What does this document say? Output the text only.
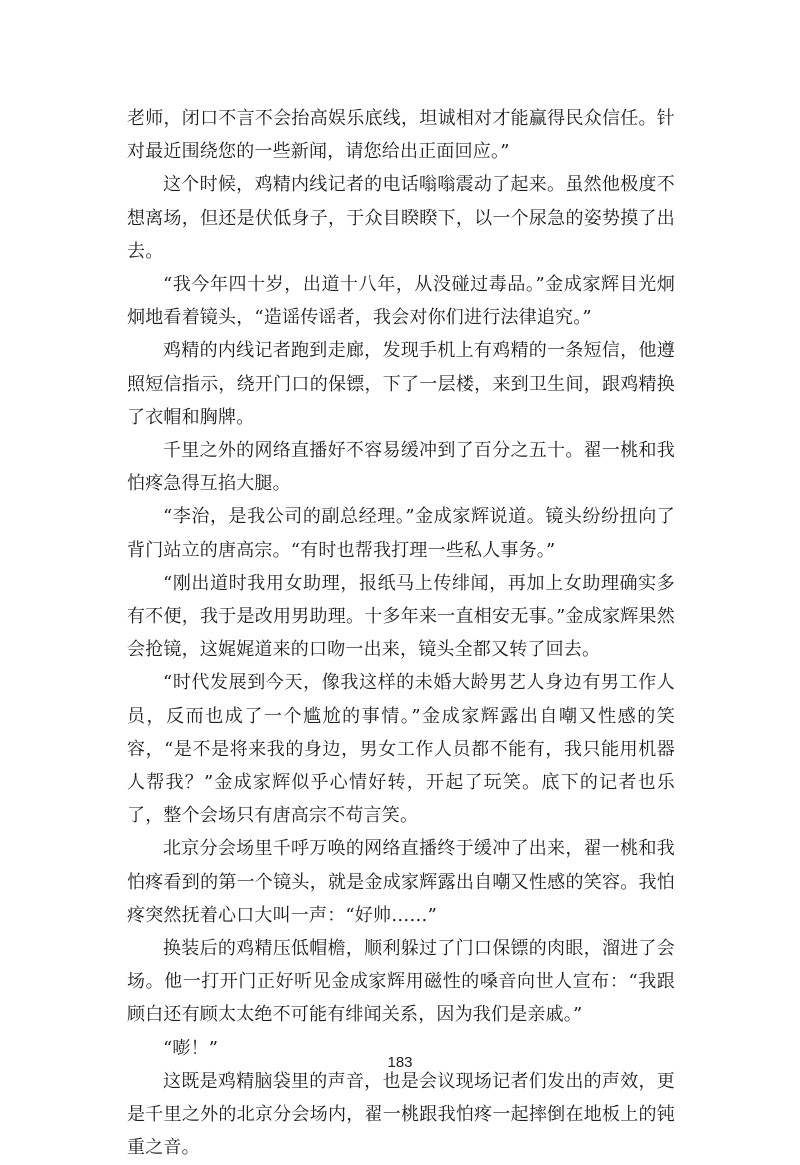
老师，闭口不言不会抬高娱乐底线，坦诚相对才能赢得民众信任。针对最近围绕您的一些新闻，请您给出正面回应。”

这个时候，鸡精内线记者的电话嗡嗡震动了起来。虽然他极度不想离场，但还是伏低身子，于众目睽睽下，以一个尿急的姿势摸了出去。

“我今年四十岁，出道十八年，从没碰过毒品。”金成家辉目光炯炯地看着镜头，“造谣传谣者，我会对你们进行法律追究。”

鸡精的内线记者跑到走廊，发现手机上有鸡精的一条短信，他遵照短信指示，绕开门口的保镖，下了一层楼，来到卫生间，跟鸡精换了衣帽和胸牌。

千里之外的网络直播好不容易缓冲到了百分之五十。翟一桃和我怕疼急得互掐大腿。

“李治，是我公司的副总经理。”金成家辉说道。镜头纷纷扭向了背门站立的唐高宗。“有时也帮我打理一些私人事务。”

“刚出道时我用女助理，报纸马上传绯闻，再加上女助理确实多有不便，我于是改用男助理。十多年来一直相安无事。”金成家辉果然会抢镜，这娓娓道来的口吻一出来，镜头全都又转了回去。

“时代发展到今天，像我这样的未婚大龄男艺人身边有男工作人员，反而也成了一个尴尬的事情。”金成家辉露出自嘲又性感的笑容，“是不是将来我的身边，男女工作人员都不能有，我只能用机器人帮我？”金成家辉似乎心情好转，开起了玩笑。底下的记者也乐了，整个会场只有唐高宗不苟言笑。

北京分会场里千呼万唤的网络直播终于缓冲了出来，翟一桃和我怕疼看到的第一个镜头，就是金成家辉露出自嘲又性感的笑容。我怕疼突然抚着心口大叫一声：“好帅……”

换装后的鸡精压低帽檐，顺利躲过了门口保镖的肉眼，溜进了会场。他一打开门正好听见金成家辉用磁性的嗓音向世人宣布：“我跟顾白还有顾太太绝不可能有绯闻关系，因为我们是亲戚。”

“嘭！”

这既是鸡精脑袋里的声音，也是会议现场记者们发出的声效，更是千里之外的北京分会场内，翟一桃跟我怕疼一起摔倒在地板上的钝重之音。

183
